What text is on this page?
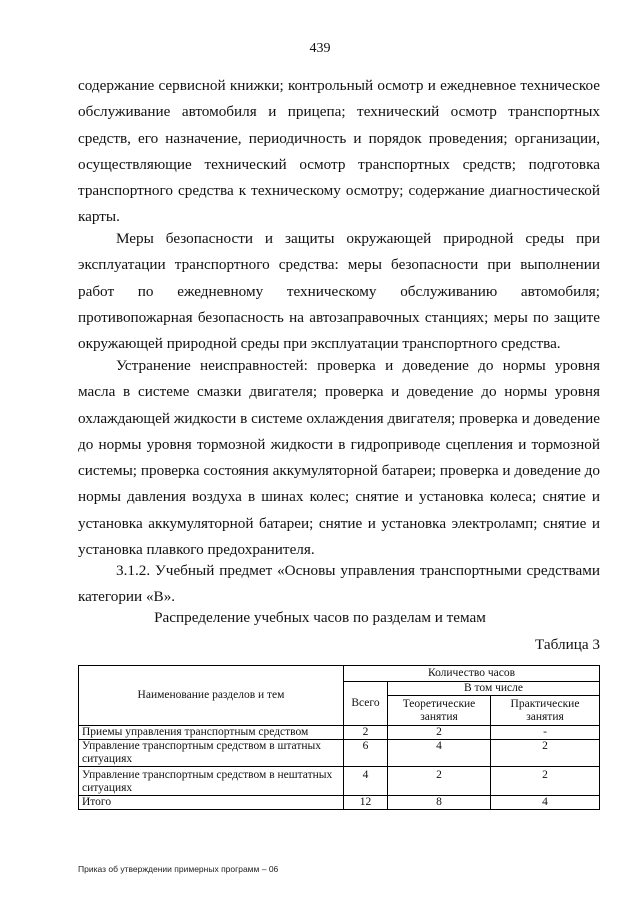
439

содержание сервисной книжки; контрольный осмотр и ежедневное техническое обслуживание автомобиля и прицепа; технический осмотр транспортных средств, его назначение, периодичность и порядок проведения; организации, осуществляющие технический осмотр транспортных средств; подготовка транспортного средства к техническому осмотру; содержание диагностической карты.

Меры безопасности и защиты окружающей природной среды при эксплуатации транспортного средства: меры безопасности при выполнении работ по ежедневному техническому обслуживанию автомобиля; противопожарная безопасность на автозаправочных станциях; меры по защите окружающей природной среды при эксплуатации транспортного средства.

Устранение неисправностей: проверка и доведение до нормы уровня масла в системе смазки двигателя; проверка и доведение до нормы уровня охлаждающей жидкости в системе охлаждения двигателя; проверка и доведение до нормы уровня тормозной жидкости в гидроприводе сцепления и тормозной системы; проверка состояния аккумуляторной батареи; проверка и доведение до нормы давления воздуха в шинах колес; снятие и установка колеса; снятие и установка аккумуляторной батареи; снятие и установка электроламп; снятие и установка плавкого предохранителя.

3.1.2. Учебный предмет «Основы управления транспортными средствами категории «В».

Распределение учебных часов по разделам и темам
Таблица 3
Наименование разделов и тем	Количество часов		
	Всего	В том числе	
		Теоретические занятия	Практические занятия
Приемы управления транспортным средством	2	2	-
Управление транспортным средством в штатных ситуациях	6	4	2
Управление транспортным средством в нештатных ситуациях	4	2	2
Итого	12	8	4
Приказ об утверждении примерных программ – 06
